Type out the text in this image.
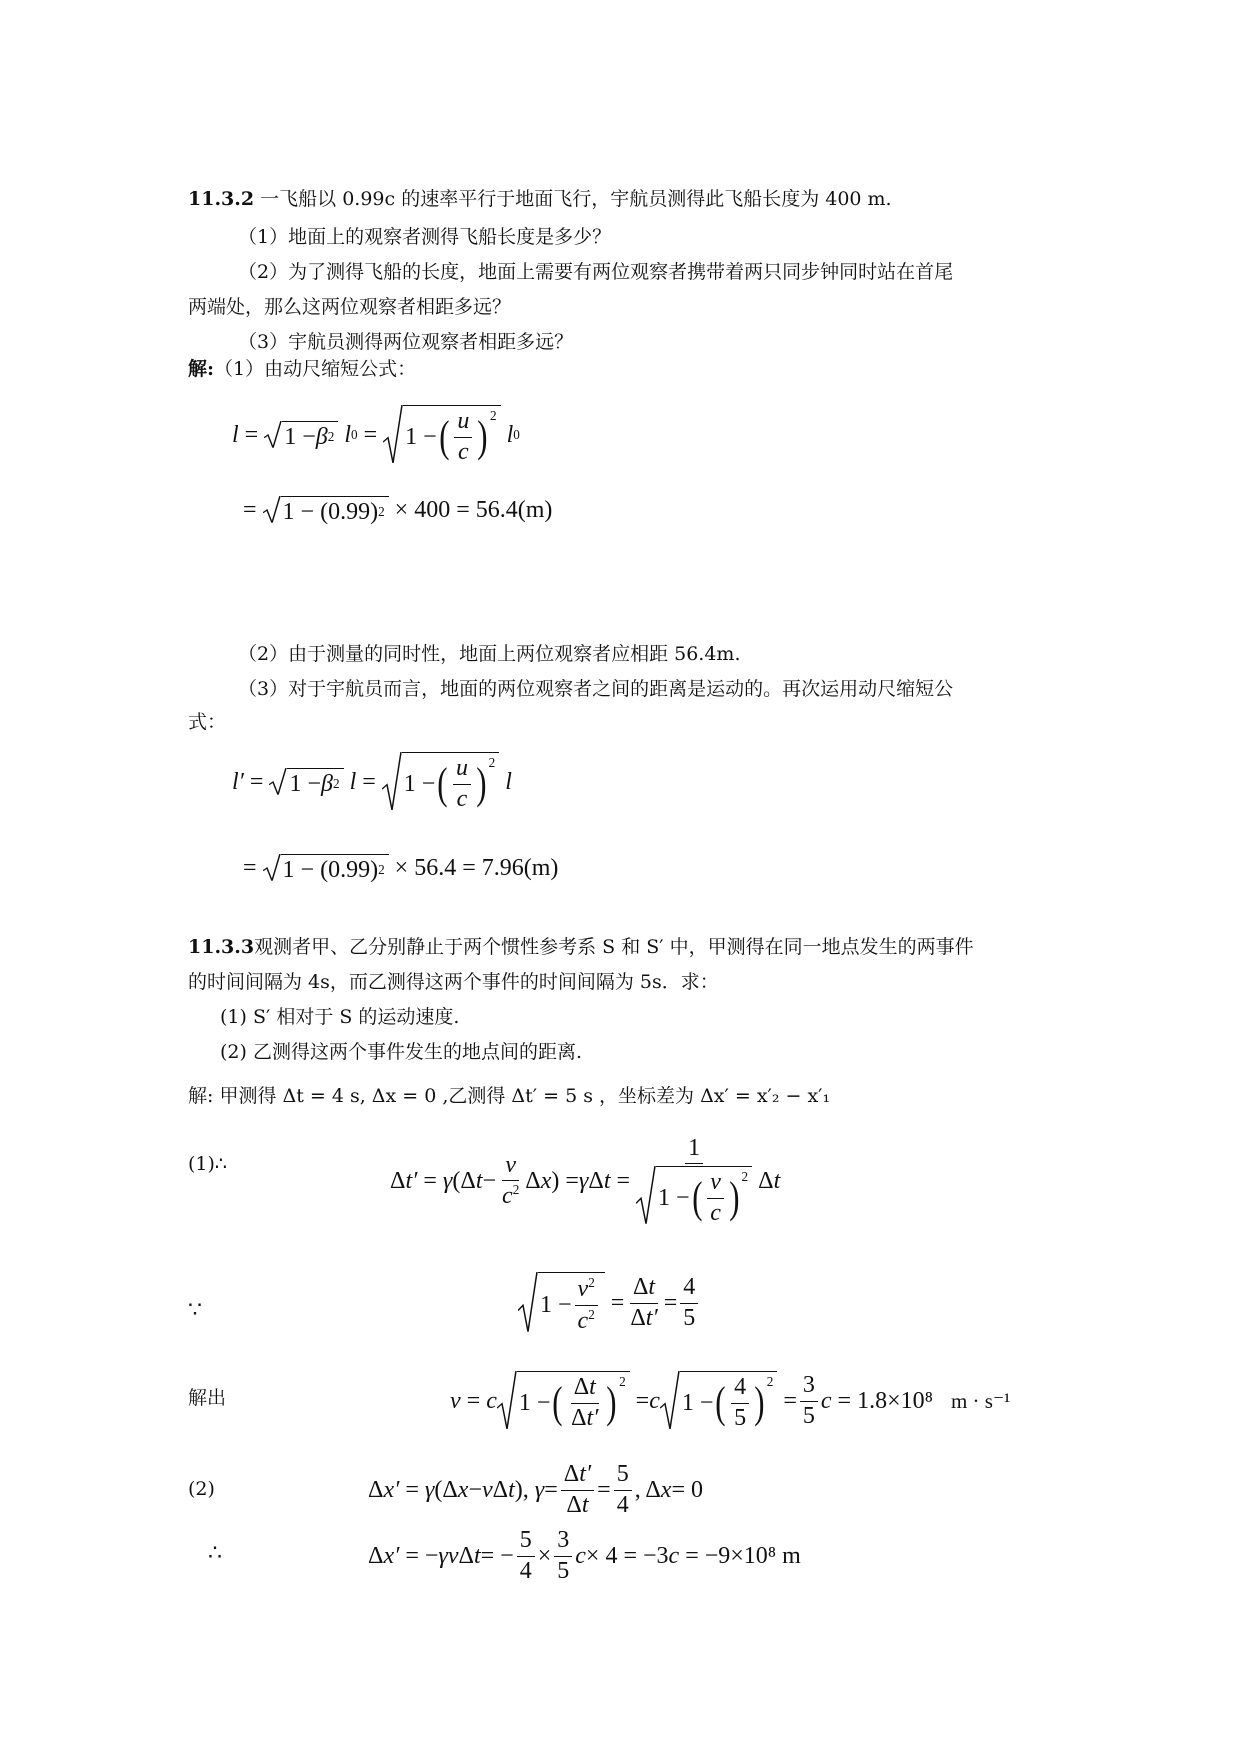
11.3.2 一飞船以 0.99c 的速率平行于地面飞行，宇航员测得此飞船长度为 400 m.
（1）地面上的观察者测得飞船长度是多少？
（2）为了测得飞船的长度，地面上需要有两位观察者携带着两只同步钟同时站在首尾
两端处，那么这两位观察者相距多远？
（3）宇航员测得两位观察者相距多远？
解:（1）由动尺缩短公式：
l = 1 − β 2
l 0 = 1 − ( $\frac{u}{c} )^2$

l 0
= 1 − (0.99) 2 × 400 = 56.4(m)
（2）由于测量的同时性，地面上两位观察者应相距 56.4m.
（3）对于宇航员而言，地面的两位观察者之间的距离是运动的。再次运用动尺缩短公
式：
l′ = 1 − β 2
l = 1 − ( $\frac{u}{c} )^2$

l
= 1 − (0.99) 2 × 56.4 = 7.96(m)
11.3.3观测者甲、乙分别静止于两个惯性参考系 S 和 S′ 中，甲测得在同一地点发生的两事件
的时间间隔为 4s，而乙测得这两个事件的时间间隔为 5s．求：
(1) S′ 相对于 S 的运动速度.
(2) 乙测得这两个事件发生的地点间的距离.
解: 甲测得 Δt = 4 s, Δx = 0 ,乙测得 Δt′ = 5 s ，坐标差为 Δx′ = x′₂ − x′₁
(1)∴
Δ t′ = γ (Δ $t - \frac{v}{c^2}$ Δ x ) = γ Δ $t = \frac{1}{1 - ( \frac{v}{c} )^2}$ Δ t
∵	$1 - \frac{v^2}{c^2} = \frac{\Delta t}{\Delta t'} = \frac{4}{5}$
解出	v = c 1 − ( $\frac{\Delta t}{\Delta t'} )^2$
= c 1 − ( $\frac{4}{5} )^2$
= $\frac{3}{5}$ c
= 1.8×10⁸
m · s⁻¹
(2)	Δ x′ = γ (Δ x − v Δ t ), $\gamma = \frac{\Delta t'}{\Delta t} = \frac{5}{4}$ , Δ x = 0
∴	Δ x′ = − γv Δ t = − $\frac{5}{4} \times \frac{3}{5}$ c × 4 = −3 c
= −9×10⁸ m
